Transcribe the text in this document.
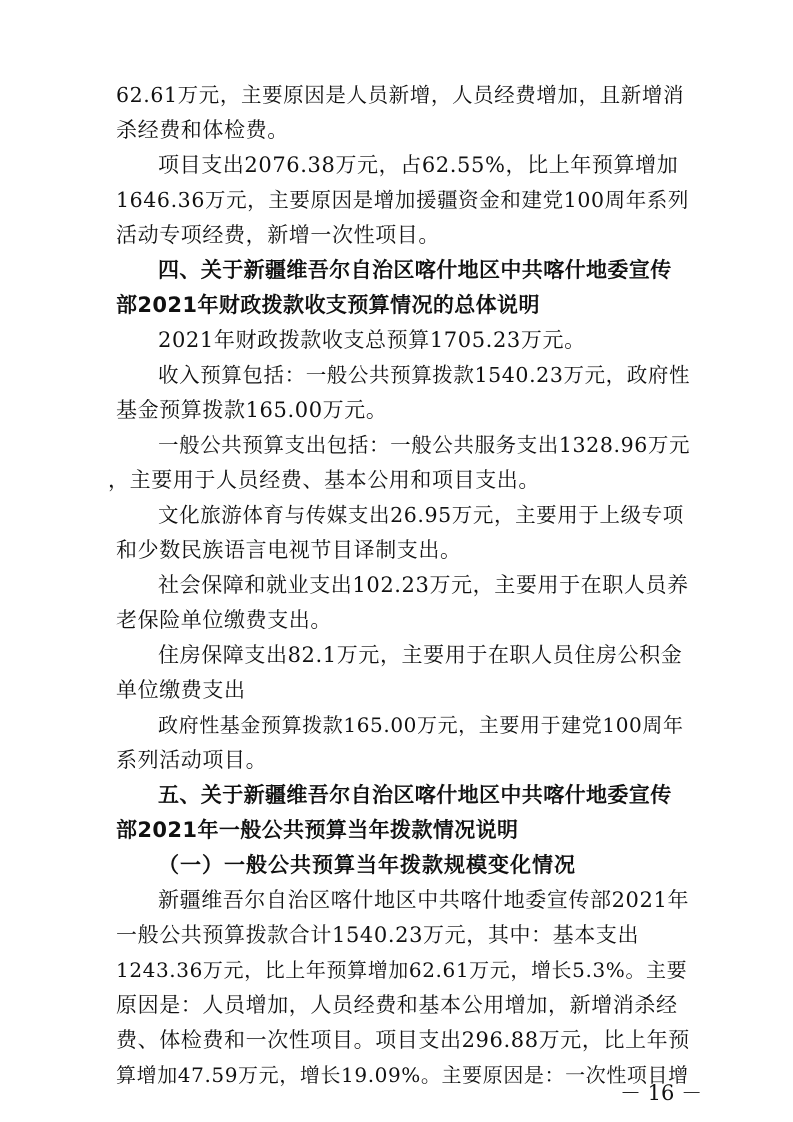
62.61万元，主要原因是人员新增，人员经费增加，且新增消
杀经费和体检费。
项目支出2076.38万元，占62.55%，比上年预算增加
1646.36万元，主要原因是增加援疆资金和建党100周年系列
活动专项经费，新增一次性项目。
四、关于新疆维吾尔自治区喀什地区中共喀什地委宣传
部2021年财政拨款收支预算情况的总体说明
2021年财政拨款收支总预算1705.23万元。
收入预算包括：一般公共预算拨款1540.23万元，政府性
基金预算拨款165.00万元。
一般公共预算支出包括：一般公共服务支出1328.96万元
，主要用于人员经费、基本公用和项目支出。
文化旅游体育与传媒支出26.95万元，主要用于上级专项
和少数民族语言电视节目译制支出。
社会保障和就业支出102.23万元，主要用于在职人员养
老保险单位缴费支出。
住房保障支出82.1万元，主要用于在职人员住房公积金
单位缴费支出
政府性基金预算拨款165.00万元，主要用于建党100周年
系列活动项目。
五、关于新疆维吾尔自治区喀什地区中共喀什地委宣传
部2021年一般公共预算当年拨款情况说明
（一）一般公共预算当年拨款规模变化情况
新疆维吾尔自治区喀什地区中共喀什地委宣传部2021年
一般公共预算拨款合计1540.23万元，其中：基本支出
1243.36万元，比上年预算增加62.61万元，增长5.3%。主要
原因是：人员增加，人员经费和基本公用增加，新增消杀经
费、体检费和一次性项目。项目支出296.88万元，比上年预
算增加47.59万元，增长19.09%。主要原因是：一次性项目增
－ 16 －
